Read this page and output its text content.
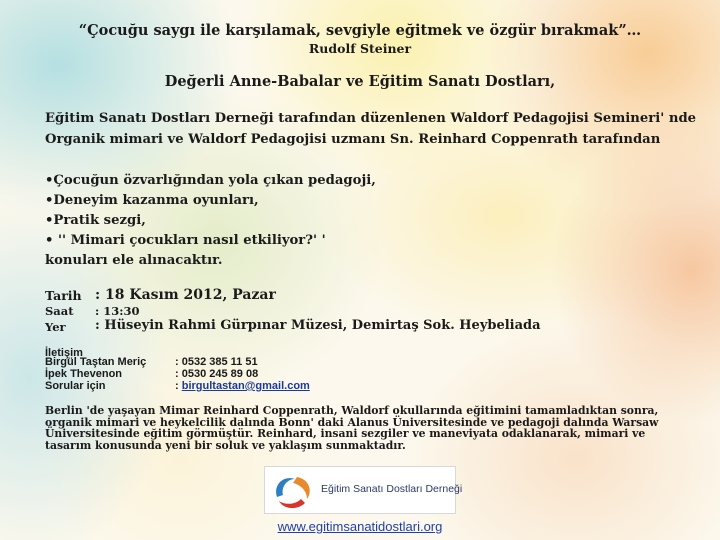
“Çocuğu saygı ile karşılamak, sevgiyle eğitmek ve özgür bırakmak”…
Rudolf Steiner
Değerli Anne-Babalar ve Eğitim Sanatı Dostları,
Eğitim Sanatı Dostları Derneği tarafından düzenlenen Waldorf Pedagojisi Semineri' nde
Organik mimari ve Waldorf Pedagojisi uzmanı Sn. Reinhard Coppenrath tarafından
•Çocuğun özvarlığından yola çıkan pedagoji,
•Deneyim kazanma oyunları,
•Pratik sezgi,
• '' Mimari çocukları nasıl etkiliyor?' '
konuları ele alınacaktır.
Tarih : 18 Kasım 2012, Pazar
Saat : 13:30
Yer : Hüseyin Rahmi Gürpınar Müzesi, Demirtaş Sok. Heybeliada
İletişim
Birgül Taştan Meriç	: 0532 385 11 51
İpek Thevenon	: 0530 245 89 08
Sorular için	: birgultastan@gmail.com
Berlin 'de yaşayan Mimar Reinhard Coppenrath, Waldorf okullarında eğitimini tamamladıktan sonra, organik mimari ve heykelcilik dalında Bonn' daki Alanus Üniversitesinde ve pedagoji dalında Warsaw Üniversitesinde eğitim görmüştür. Reinhard, insani sezgiler ve maneviyata odaklanarak, mimari ve tasarım konusunda yeni bir soluk ve yaklaşım sunmaktadır.
Eğitim Sanatı Dostları Derneği
www.egitimsanatidostlari.org
